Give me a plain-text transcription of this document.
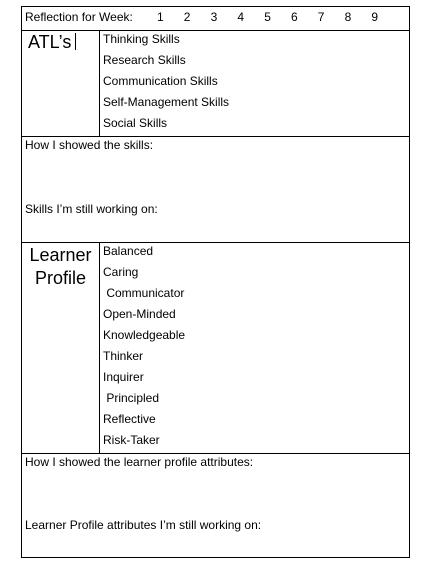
Reflection for Week: 1	2	3	4	5	6	7	8	9
ATL’s	Thinking Skills
Research Skills
Communication Skills
Self-Management Skills
Social Skills
How I showed the skills:
Skills I’m still working on:
Learner
Profile
Balanced
Caring
Communicator
Open-Minded
Knowledgeable
Thinker
Inquirer
Principled
Reflective
Risk-Taker
How I showed the learner profile attributes:
Learner Profile attributes I’m still working on:
